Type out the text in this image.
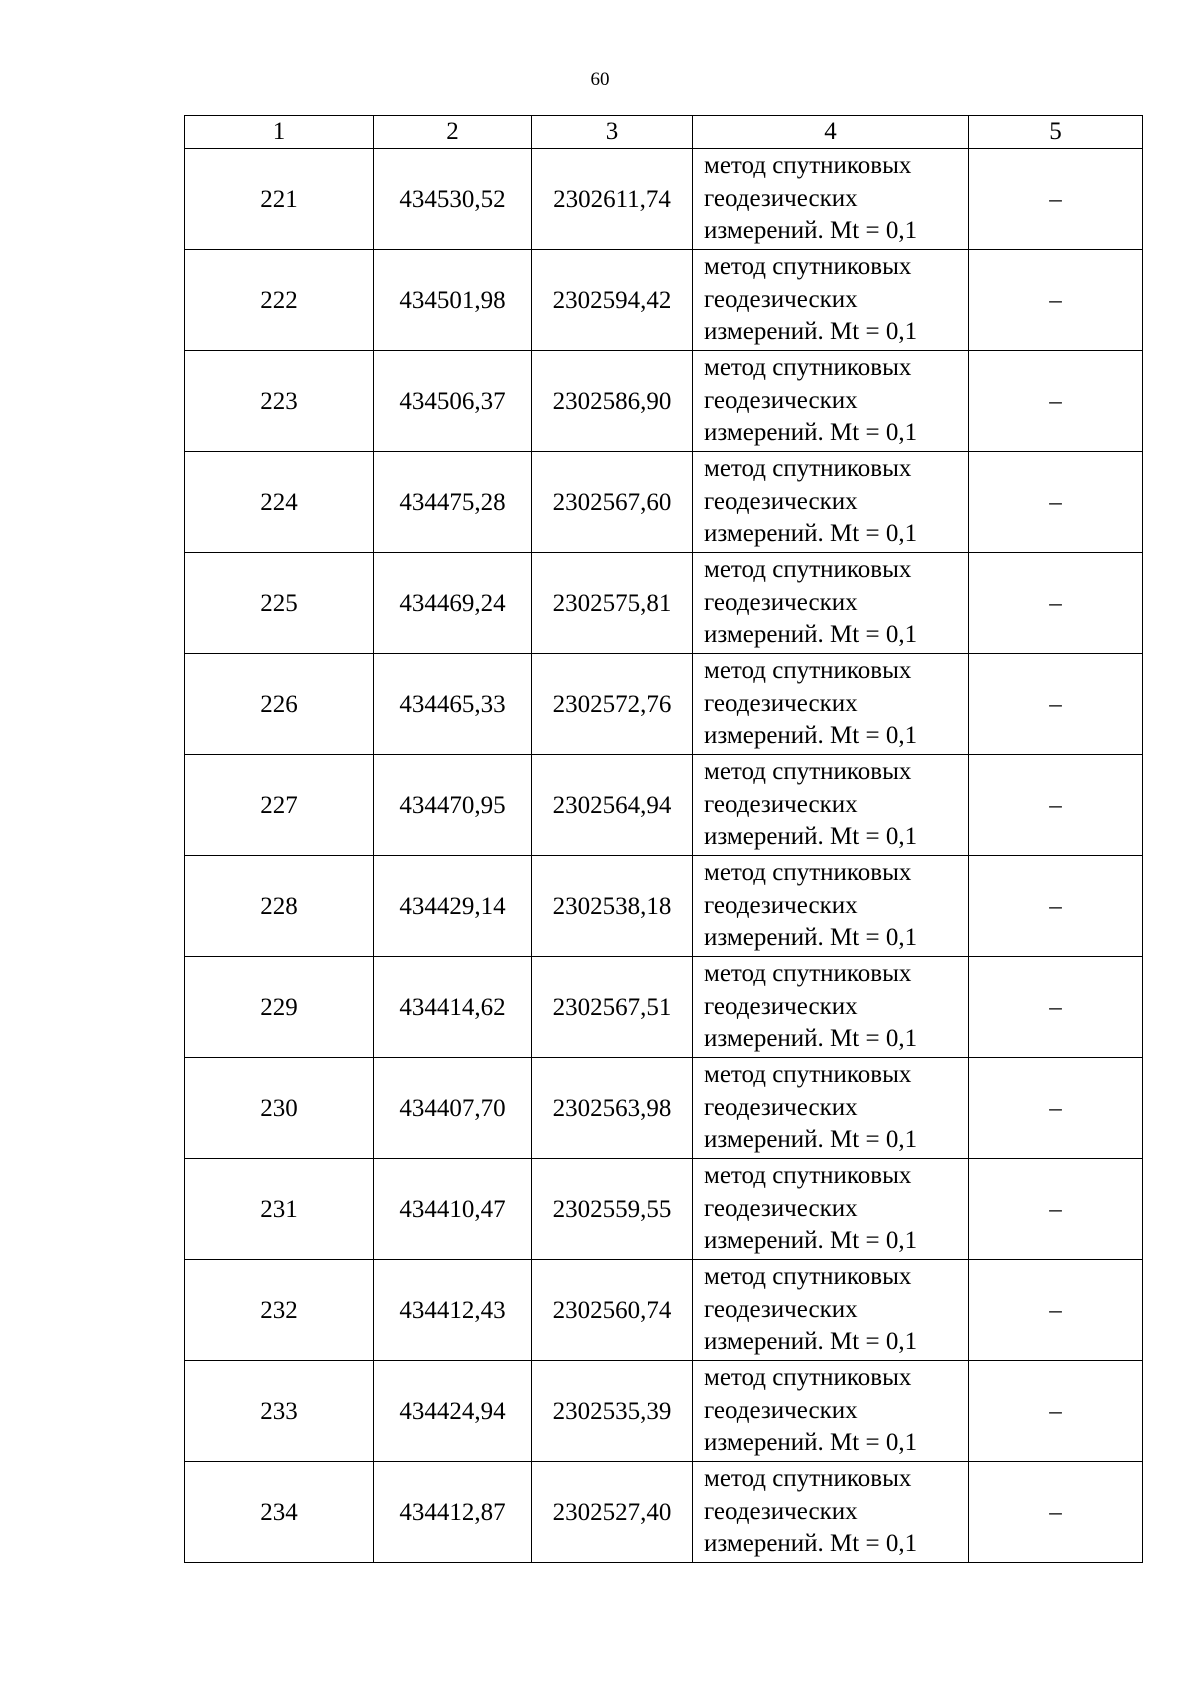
60
1	2	3	4	5
221	434530,52	2302611,74	метод спутниковых
геодезических
измерений. Mt = 0,1	–
222	434501,98	2302594,42	метод спутниковых
геодезических
измерений. Mt = 0,1	–
223	434506,37	2302586,90	метод спутниковых
геодезических
измерений. Mt = 0,1	–
224	434475,28	2302567,60	метод спутниковых
геодезических
измерений. Mt = 0,1	–
225	434469,24	2302575,81	метод спутниковых
геодезических
измерений. Mt = 0,1	–
226	434465,33	2302572,76	метод спутниковых
геодезических
измерений. Mt = 0,1	–
227	434470,95	2302564,94	метод спутниковых
геодезических
измерений. Mt = 0,1	–
228	434429,14	2302538,18	метод спутниковых
геодезических
измерений. Mt = 0,1	–
229	434414,62	2302567,51	метод спутниковых
геодезических
измерений. Mt = 0,1	–
230	434407,70	2302563,98	метод спутниковых
геодезических
измерений. Mt = 0,1	–
231	434410,47	2302559,55	метод спутниковых
геодезических
измерений. Mt = 0,1	–
232	434412,43	2302560,74	метод спутниковых
геодезических
измерений. Mt = 0,1	–
233	434424,94	2302535,39	метод спутниковых
геодезических
измерений. Mt = 0,1	–
234	434412,87	2302527,40	метод спутниковых
геодезических
измерений. Mt = 0,1	–
